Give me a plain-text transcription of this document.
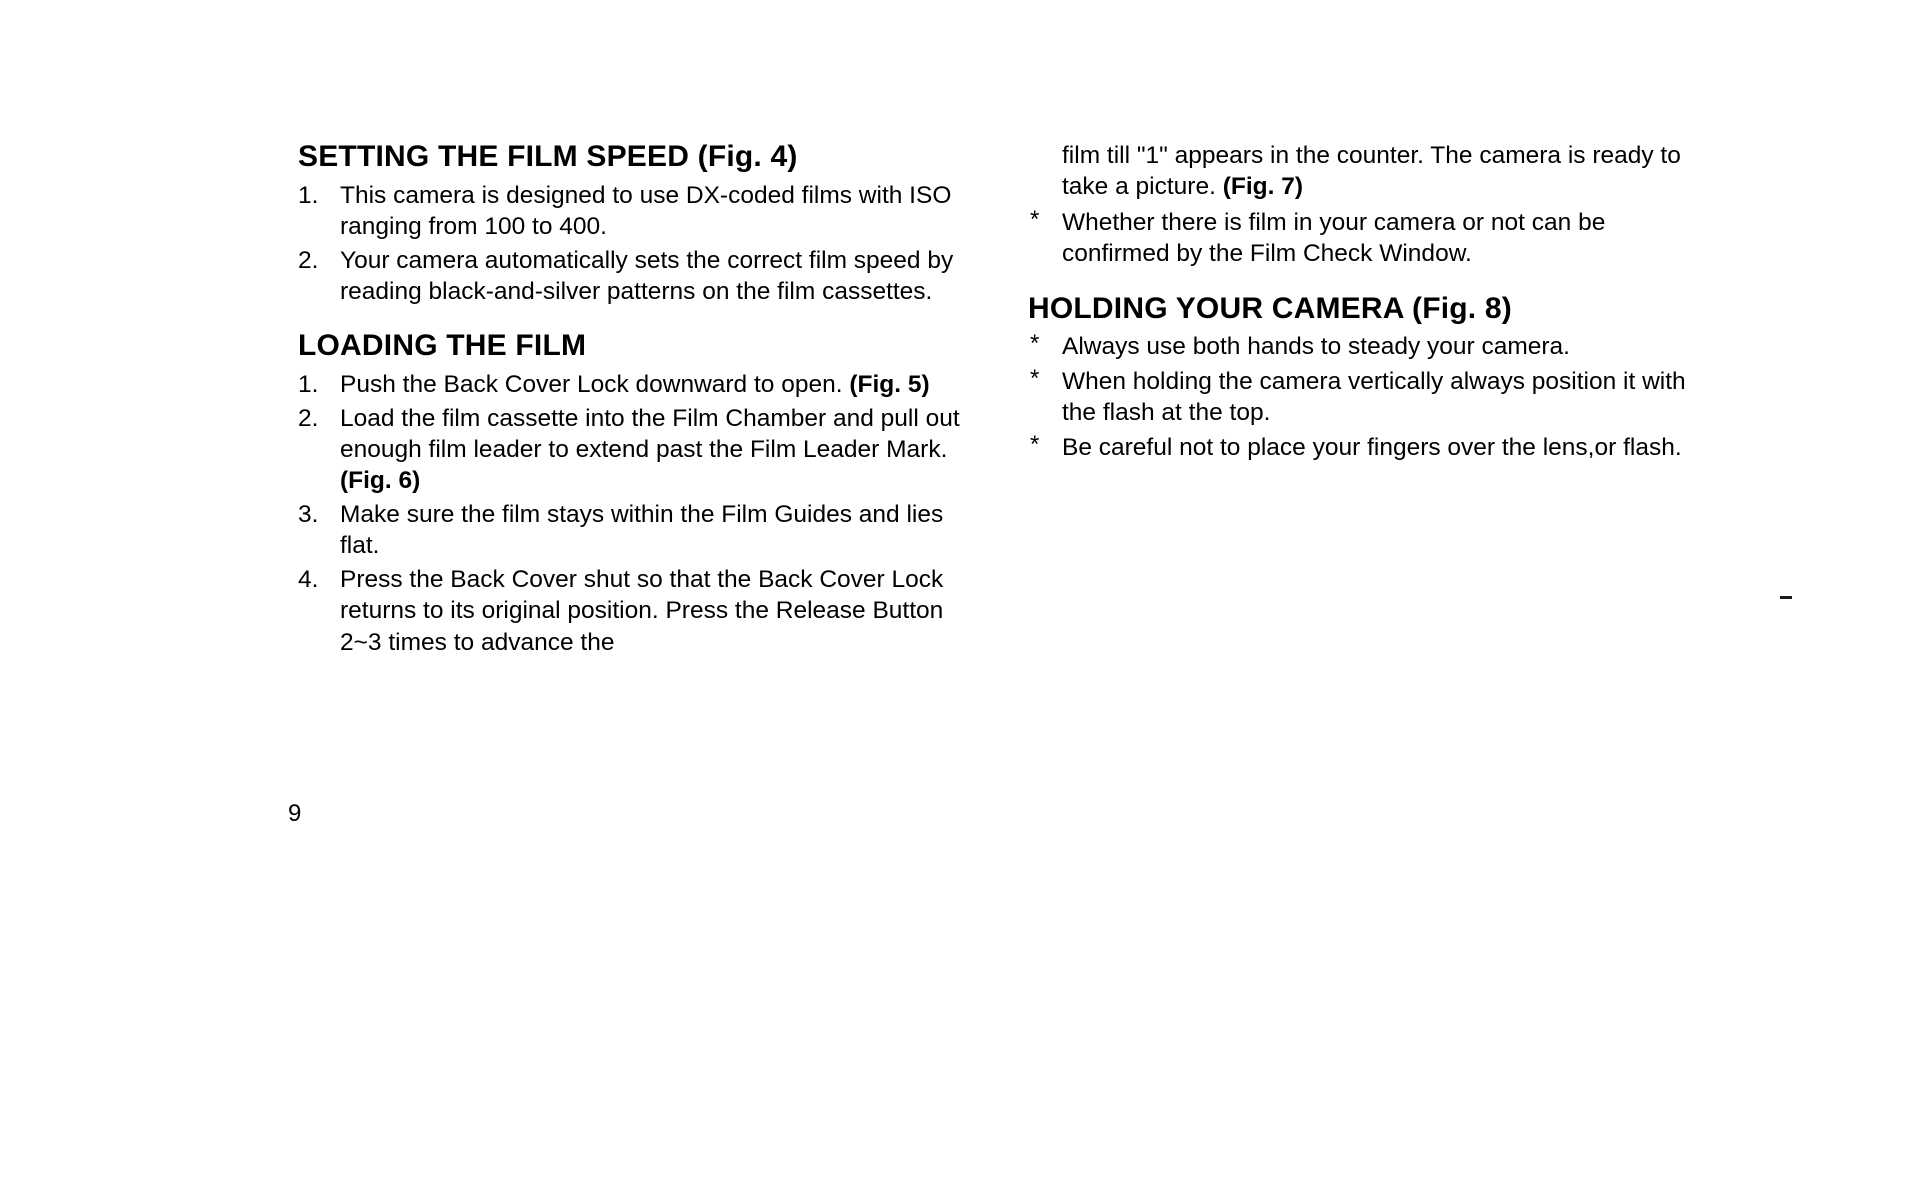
SETTING THE FILM SPEED (Fig. 4)
1. This camera is designed to use DX-coded films with ISO ranging from 100 to 400.
2. Your camera automatically sets the correct film speed by reading black-and-silver patterns on the film cassettes.
LOADING THE FILM
1. Push the Back Cover Lock downward to open. (Fig. 5)
2. Load the film cassette into the Film Chamber and pull out enough film leader to extend past the Film Leader Mark. (Fig. 6)
3. Make sure the film stays within the Film Guides and lies flat.
4. Press the Back Cover shut so that the Back Cover Lock returns to its original position. Press the Release Button 2~3 times to advance the

film till "1" appears in the counter. The camera is ready to take a picture. (Fig. 7)

* Whether there is film in your camera or not can be confirmed by the Film Check Window.
HOLDING YOUR CAMERA (Fig. 8)
* Always use both hands to steady your camera.
* When holding the camera vertically always position it with the flash at the top.
* Be careful not to place your fingers over the lens,or flash.
9
